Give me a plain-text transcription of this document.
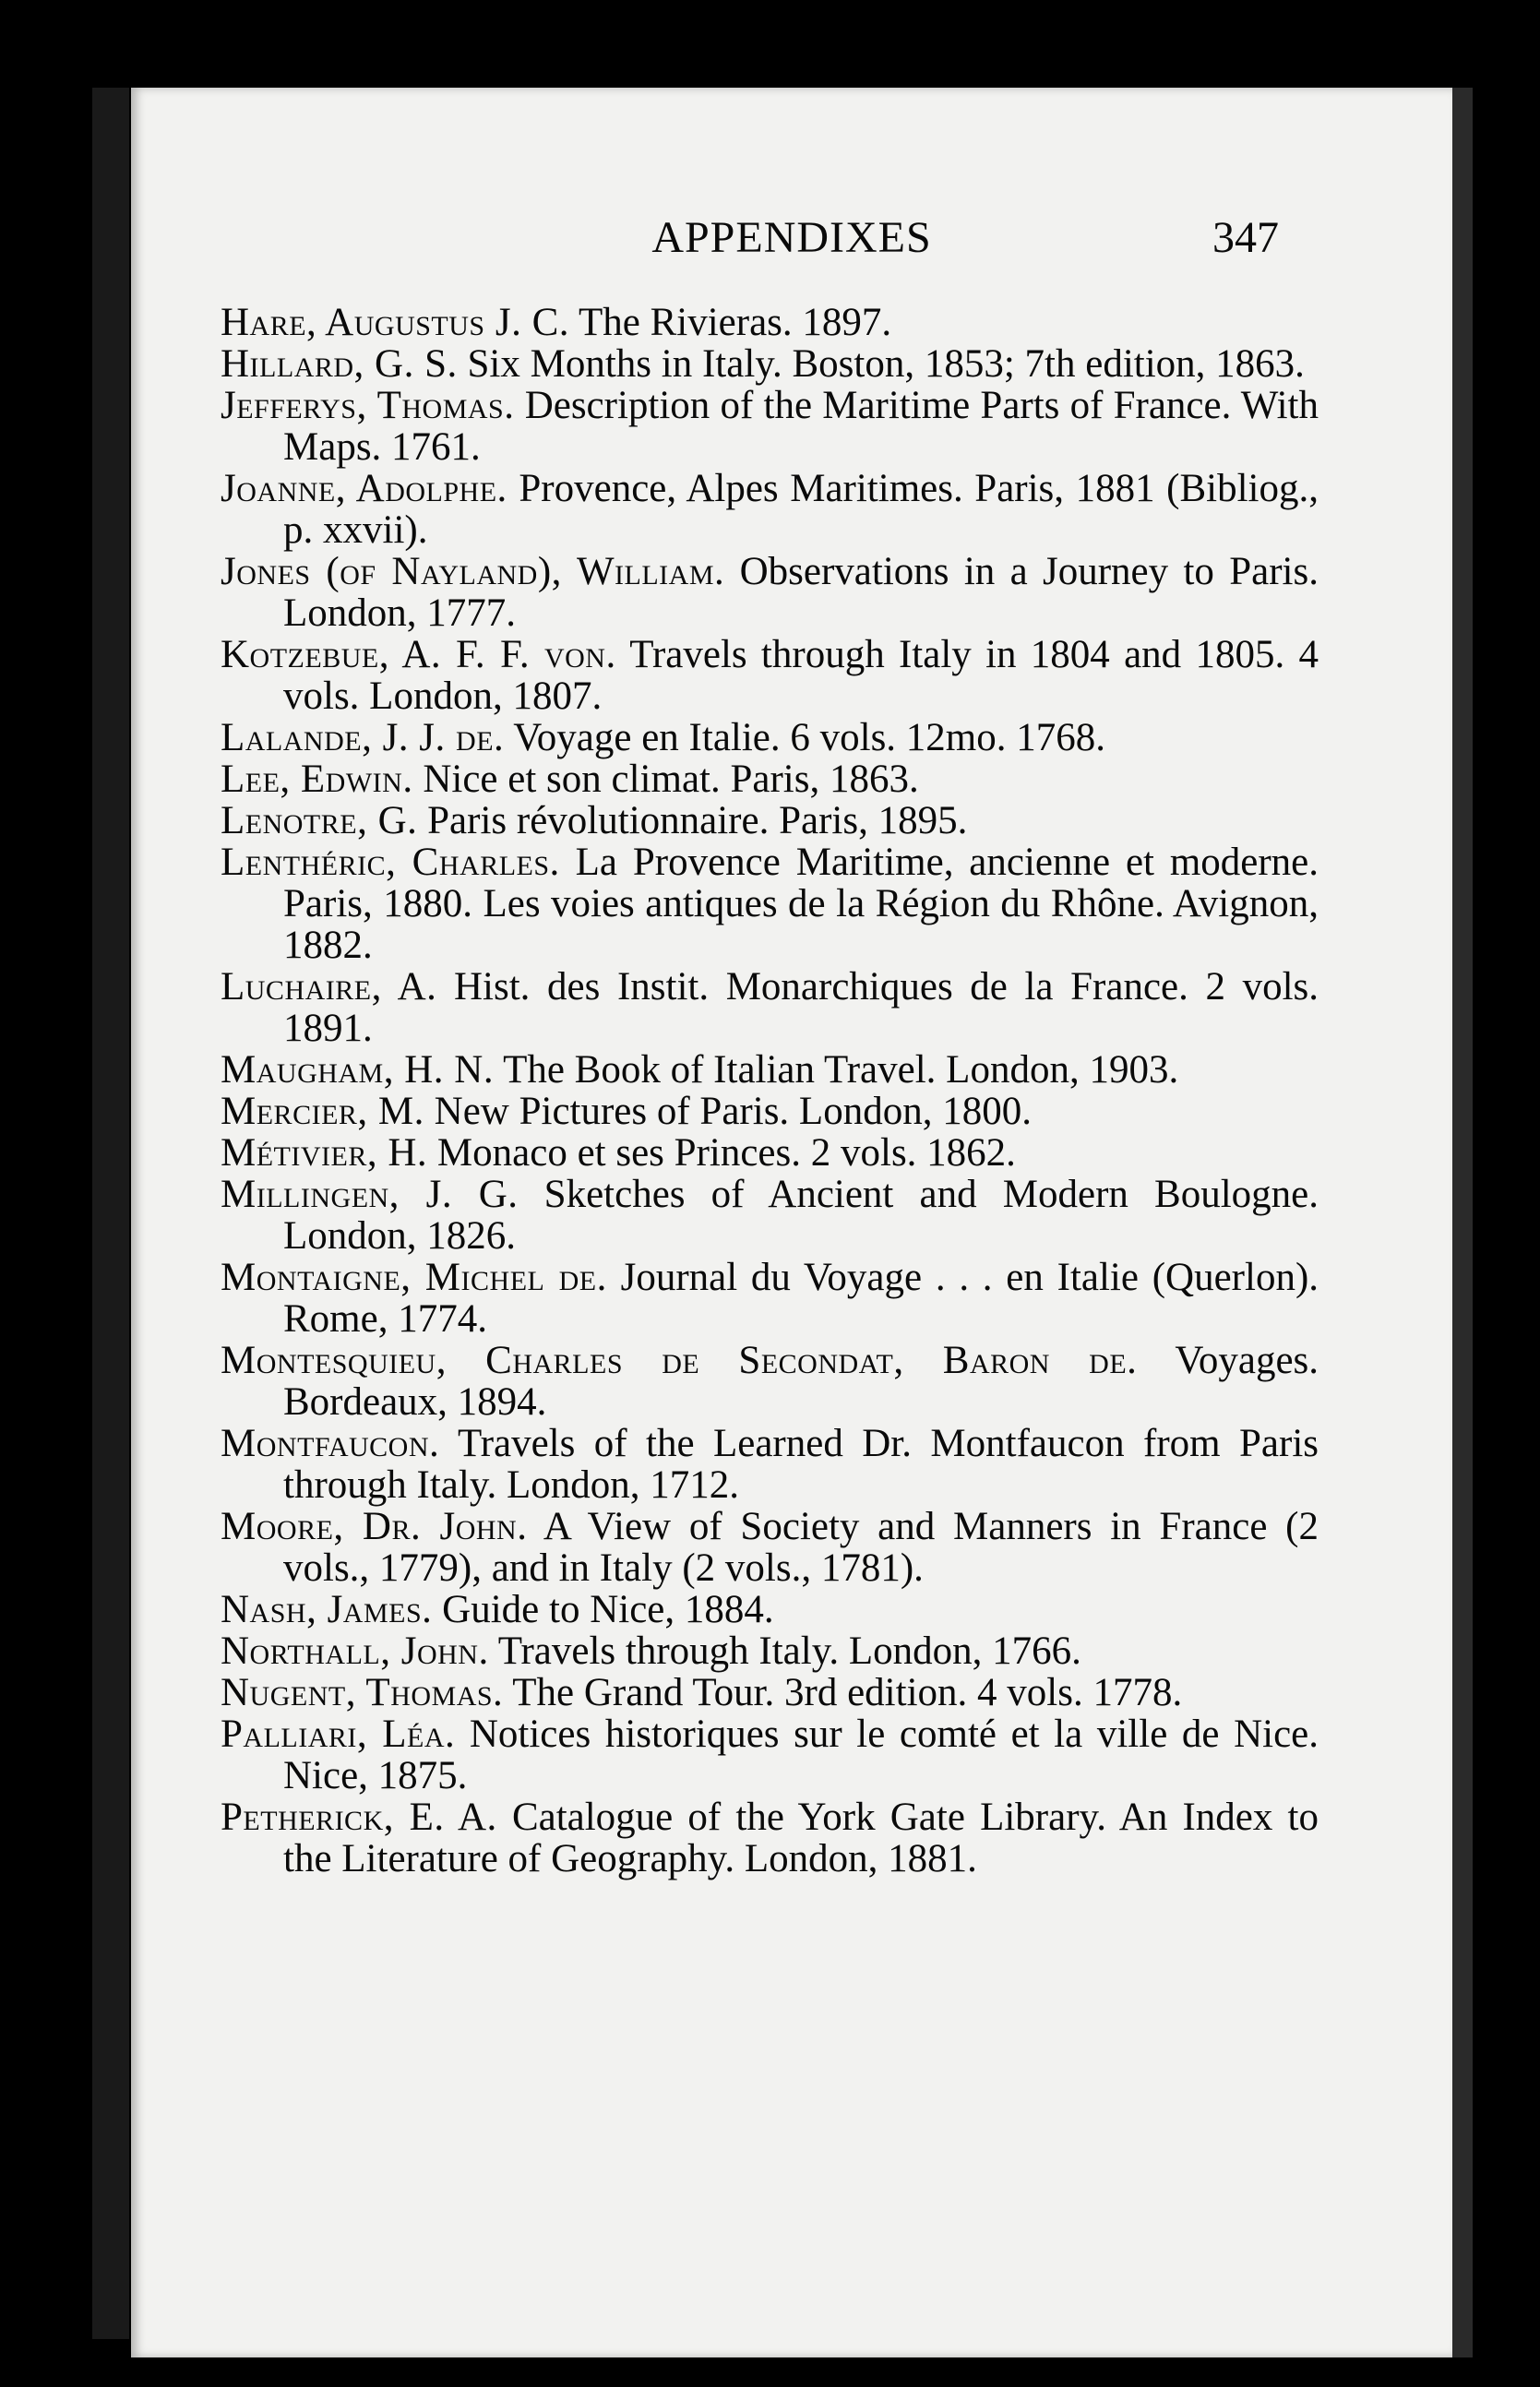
APPENDIXES	347

Hare, Augustus J. C. The Rivieras. 1897.

Hillard, G. S. Six Months in Italy. Boston, 1853; 7th edition, 1863.

Jefferys, Thomas. Description of the Maritime Parts of France. With Maps. 1761.

Joanne, Adolphe. Provence, Alpes Maritimes. Paris, 1881 (Bibliog., p. xxvii).

Jones (of Nayland), William. Observations in a Journey to Paris. London, 1777.

Kotzebue, A. F. F. von. Travels through Italy in 1804 and 1805. 4 vols. London, 1807.

Lalande, J. J. de. Voyage en Italie. 6 vols. 12mo. 1768.

Lee, Edwin. Nice et son climat. Paris, 1863.

Lenotre, G. Paris révolutionnaire. Paris, 1895.

Lenthéric, Charles. La Provence Maritime, ancienne et moderne. Paris, 1880. Les voies antiques de la Région du Rhône. Avignon, 1882.

Luchaire, A. Hist. des Instit. Monarchiques de la France. 2 vols. 1891.

Maugham, H. N. The Book of Italian Travel. London, 1903.

Mercier, M. New Pictures of Paris. London, 1800.

Métivier, H. Monaco et ses Princes. 2 vols. 1862.

Millingen, J. G. Sketches of Ancient and Modern Boulogne. London, 1826.

Montaigne, Michel de. Journal du Voyage . . . en Italie (Querlon). Rome, 1774.

Montesquieu, Charles de Secondat, Baron de. Voyages. Bordeaux, 1894.

Montfaucon. Travels of the Learned Dr. Montfaucon from Paris through Italy. London, 1712.

Moore, Dr. John. A View of Society and Manners in France (2 vols., 1779), and in Italy (2 vols., 1781).

Nash, James. Guide to Nice, 1884.

Northall, John. Travels through Italy. London, 1766.

Nugent, Thomas. The Grand Tour. 3rd edition. 4 vols. 1778.

Palliari, Léa. Notices historiques sur le comté et la ville de Nice. Nice, 1875.

Petherick, E. A. Catalogue of the York Gate Library. An Index to the Literature of Geography. London, 1881.
